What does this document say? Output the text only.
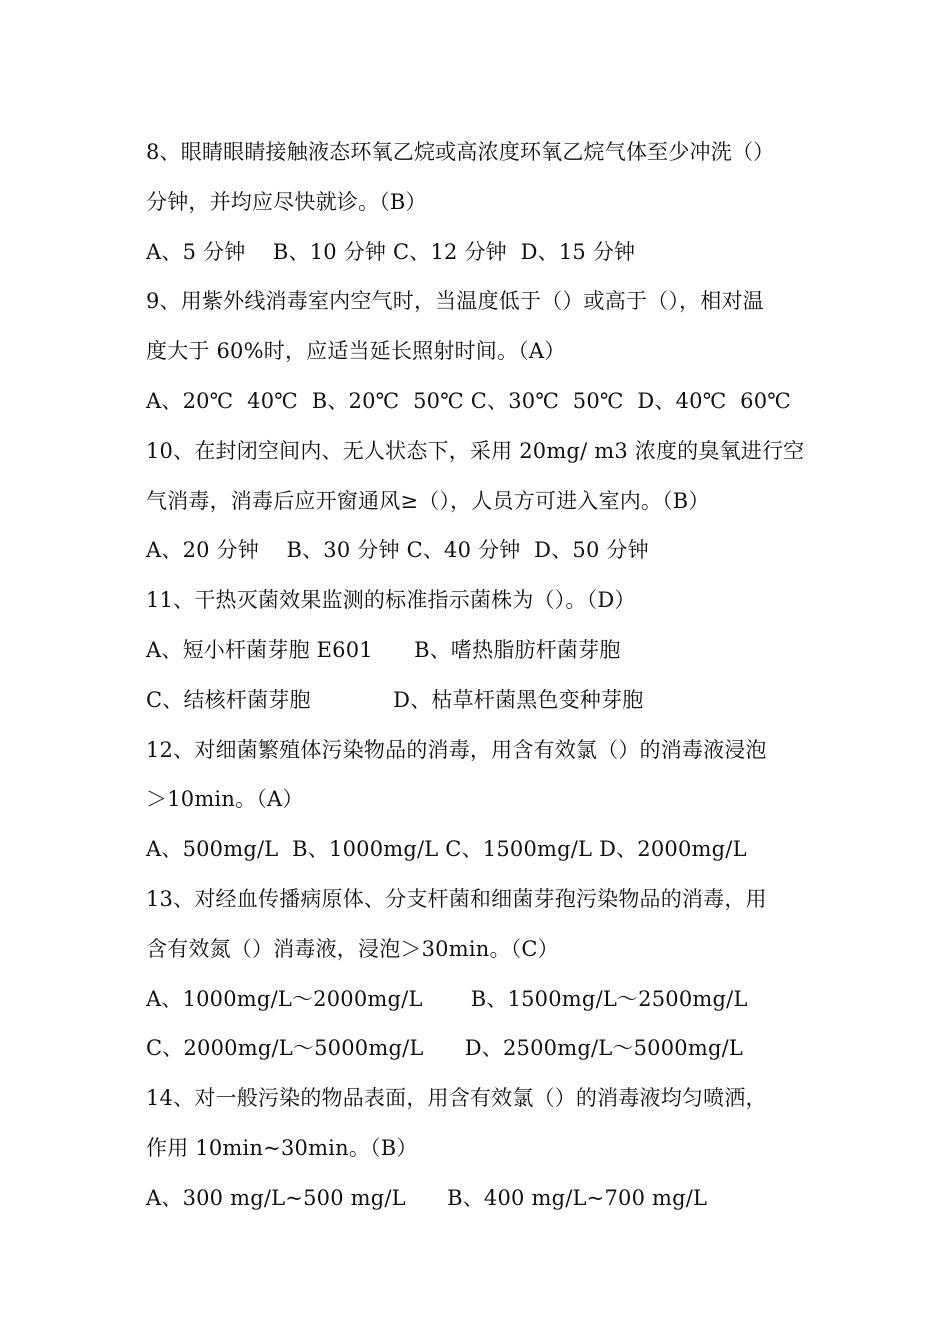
8、眼睛眼睛接触液态环氧乙烷或高浓度环氧乙烷气体至少冲洗（）
分钟，并均应尽快就诊。（B）
A、5 分钟    B、10 分钟 C、12 分钟  D、15 分钟
9、用紫外线消毒室内空气时，当温度低于（）或高于（），相对温
度大于 60%时，应适当延长照射时间。（A）
A、20℃  40℃  B、20℃  50℃ C、30℃  50℃  D、40℃  60℃
10、在封闭空间内、无人状态下，采用 20mg/ m3 浓度的臭氧进行空
气消毒，消毒后应开窗通风≥（），人员方可进入室内。（B）
A、20 分钟    B、30 分钟 C、40 分钟  D、50 分钟
11、干热灭菌效果监测的标准指示菌株为（）。（D）
A、短小杆菌芽胞 E601      B、嗜热脂肪杆菌芽胞
C、结核杆菌芽胞            D、枯草杆菌黑色变种芽胞
12、对细菌繁殖体污染物品的消毒，用含有效氯（）的消毒液浸泡
＞10min。（A）
A、500mg/L  B、1000mg/L C、1500mg/L D、2000mg/L
13、对经血传播病原体、分支杆菌和细菌芽孢污染物品的消毒，用
含有效氮（）消毒液，浸泡＞30min。（C）
A、1000mg/L～2000mg/L       B、1500mg/L～2500mg/L
C、2000mg/L～5000mg/L      D、2500mg/L～5000mg/L
14、对一般污染的物品表面，用含有效氯（）的消毒液均匀喷洒，
作用 10min~30min。（B）
A、300 mg/L~500 mg/L      B、400 mg/L~700 mg/L
